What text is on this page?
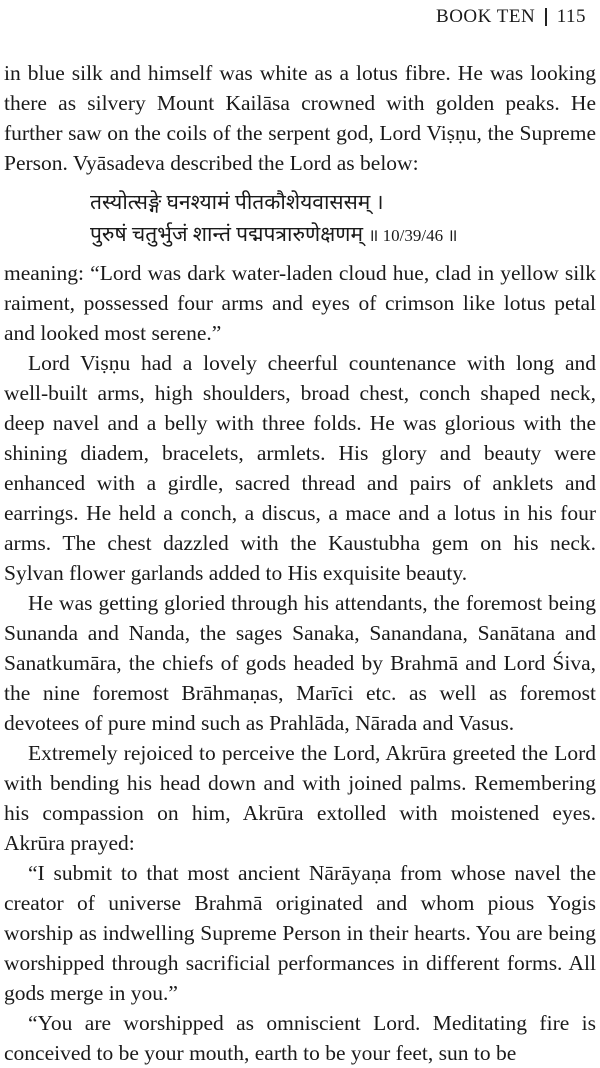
BOOK TEN 115

in blue silk and himself was white as a lotus fibre. He was looking there as silvery Mount Kailāsa crowned with golden peaks. He further saw on the coils of the serpent god, Lord Viṣṇu, the Supreme Person. Vyāsadeva described the Lord as below:

तस्योत्सङ्गे घनश्यामं पीतकौशेयवाससम् ।
पुरुषं चतुर्भुजं शान्तं पद्मपत्रारुणेक्षणम् ॥ 10/39/46 ॥

meaning: “Lord was dark water-laden cloud hue, clad in yellow silk raiment, possessed four arms and eyes of crimson like lotus petal and looked most serene.”

Lord Viṣṇu had a lovely cheerful countenance with long and well-built arms, high shoulders, broad chest, conch shaped neck, deep navel and a belly with three folds. He was glorious with the shining diadem, bracelets, armlets. His glory and beauty were enhanced with a girdle, sacred thread and pairs of anklets and earrings. He held a conch, a discus, a mace and a lotus in his four arms. The chest dazzled with the Kaustubha gem on his neck. Sylvan flower garlands added to His exquisite beauty.

He was getting gloried through his attendants, the foremost being Sunanda and Nanda, the sages Sanaka, Sanandana, Sanātana and Sanatkumāra, the chiefs of gods headed by Brahmā and Lord Śiva, the nine foremost Brāhmaṇas, Marīci etc. as well as foremost devotees of pure mind such as Prahlāda, Nārada and Vasus.

Extremely rejoiced to perceive the Lord, Akrūra greeted the Lord with bending his head down and with joined palms. Remembering his compassion on him, Akrūra extolled with moistened eyes. Akrūra prayed:

“I submit to that most ancient Nārāyaṇa from whose navel the creator of universe Brahmā originated and whom pious Yogis worship as indwelling Supreme Person in their hearts. You are being worshipped through sacrificial performances in different forms. All gods merge in you.”

“You are worshipped as omniscient Lord. Meditating fire is conceived to be your mouth, earth to be your feet, sun to be
